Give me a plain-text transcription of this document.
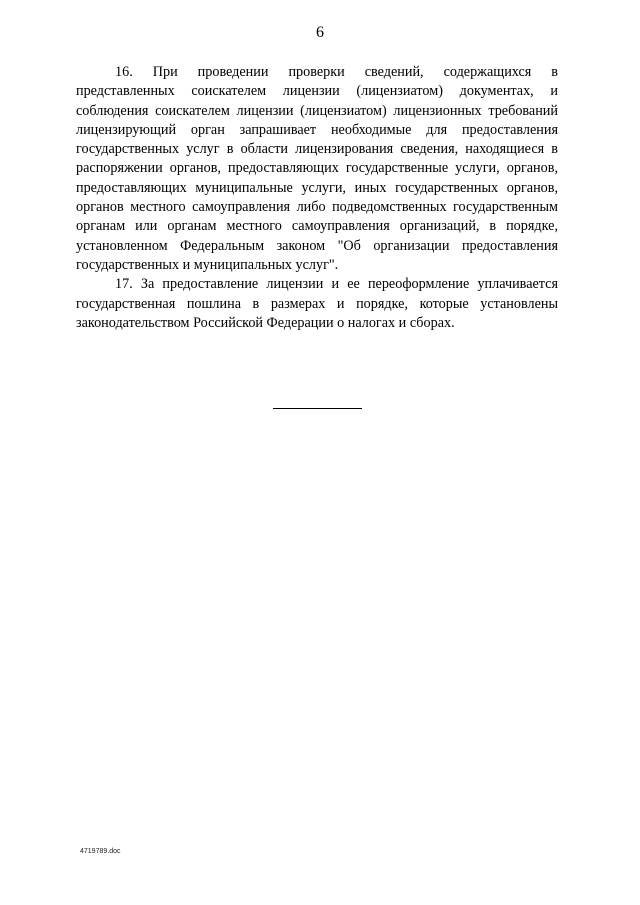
6

16. При проведении проверки сведений, содержащихся в представленных соискателем лицензии (лицензиатом) документах, и соблюдения соискателем лицензии (лицензиатом) лицензионных требований лицензирующий орган запрашивает необходимые для предоставления государственных услуг в области лицензирования сведения, находящиеся в распоряжении органов, предоставляющих государственные услуги, органов, предоставляющих муниципальные услуги, иных государственных органов, органов местного самоуправления либо подведомственных государственным органам или органам местного самоуправления организаций, в порядке, установленном Федеральным законом "Об организации предоставления государственных и муниципальных услуг".

17. За предоставление лицензии и ее переоформление уплачивается государственная пошлина в размерах и порядке, которые установлены законодательством Российской Федерации о налогах и сборах.

4719789.doc
